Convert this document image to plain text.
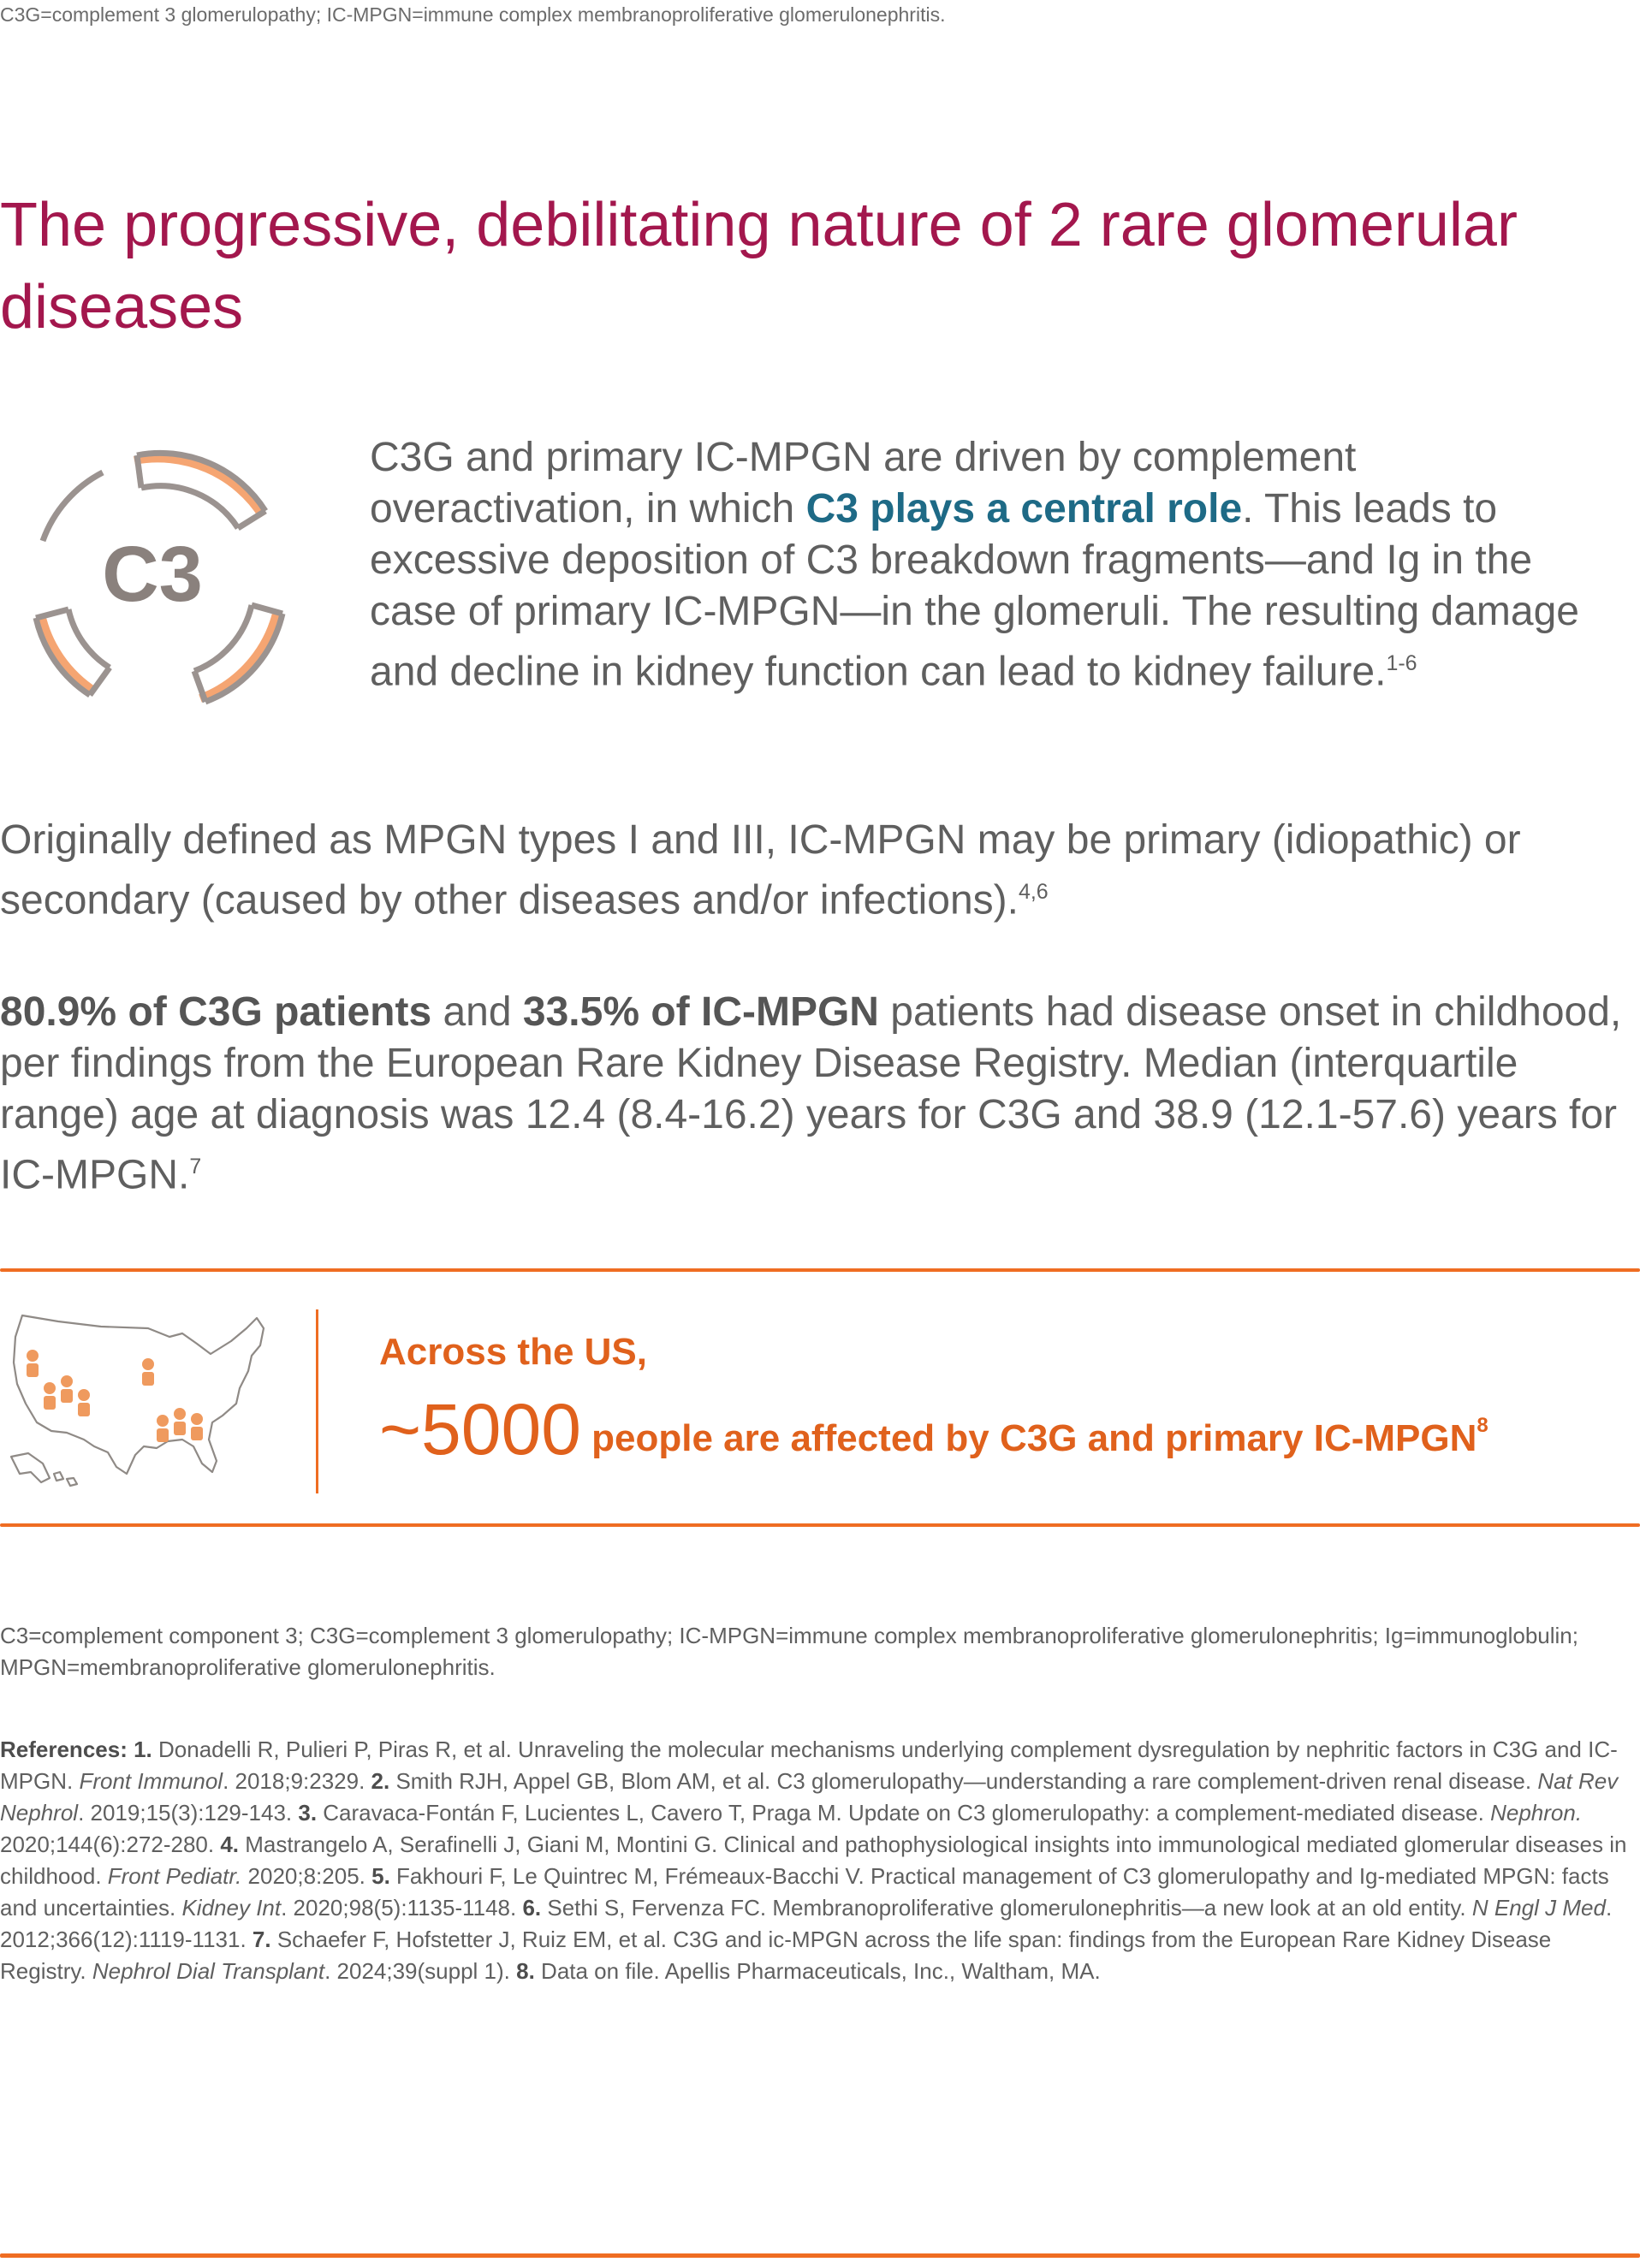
C3G=complement 3 glomerulopathy; IC-MPGN=immune complex membranoproliferative glomerulonephritis.
The progressive, debilitating nature of 2 rare glomerular diseases
C3

C3G and primary IC-MPGN are driven by complement overactivation, in which C3 plays a central role. This leads to excessive deposition of C3 breakdown fragments—and Ig in the case of primary IC-MPGN—in the glomeruli. The resulting damage and decline in kidney function can lead to kidney failure.$^{1-6}$

Originally defined as MPGN types I and III, IC-MPGN may be primary (idiopathic) or secondary (caused by other diseases and/or infections).$^{4,6}$

80.9% of C3G patients and 33.5% of IC-MPGN patients had disease onset in childhood, per findings from the European Rare Kidney Disease Registry. Median (interquartile range) age at diagnosis was 12.4 (8.4-16.2) years for C3G and 38.9 (12.1-57.6) years for IC-MPGN.$^7$

Across the US,
~5000 people are affected by C3G and primary IC-MPGN8

C3=complement component 3; C3G=complement 3 glomerulopathy; IC-MPGN=immune complex membranoproliferative glomerulonephritis; Ig=immunoglobulin; MPGN=membranoproliferative glomerulonephritis.

References: 1. Donadelli R, Pulieri P, Piras R, et al. Unraveling the molecular mechanisms underlying complement dysregulation by nephritic factors in C3G and IC-MPGN. Front Immunol. 2018;9:2329. 2. Smith RJH, Appel GB, Blom AM, et al. C3 glomerulopathy—understanding a rare complement-driven renal disease. Nat Rev Nephrol. 2019;15(3):129-143. 3. Caravaca-Fontán F, Lucientes L, Cavero T, Praga M. Update on C3 glomerulopathy: a complement-mediated disease. Nephron. 2020;144(6):272-280. 4. Mastrangelo A, Serafinelli J, Giani M, Montini G. Clinical and pathophysiological insights into immunological mediated glomerular diseases in childhood. Front Pediatr. 2020;8:205. 5. Fakhouri F, Le Quintrec M, Frémeaux-Bacchi V. Practical management of C3 glomerulopathy and Ig-mediated MPGN: facts and uncertainties. Kidney Int. 2020;98(5):1135-1148. 6. Sethi S, Fervenza FC. Membranoproliferative glomerulonephritis—a new look at an old entity. N Engl J Med. 2012;366(12):1119-1131. 7. Schaefer F, Hofstetter J, Ruiz EM, et al. C3G and ic-MPGN across the life span: findings from the European Rare Kidney Disease Registry. Nephrol Dial Transplant. 2024;39(suppl 1). 8. Data on file. Apellis Pharmaceuticals, Inc., Waltham, MA.
